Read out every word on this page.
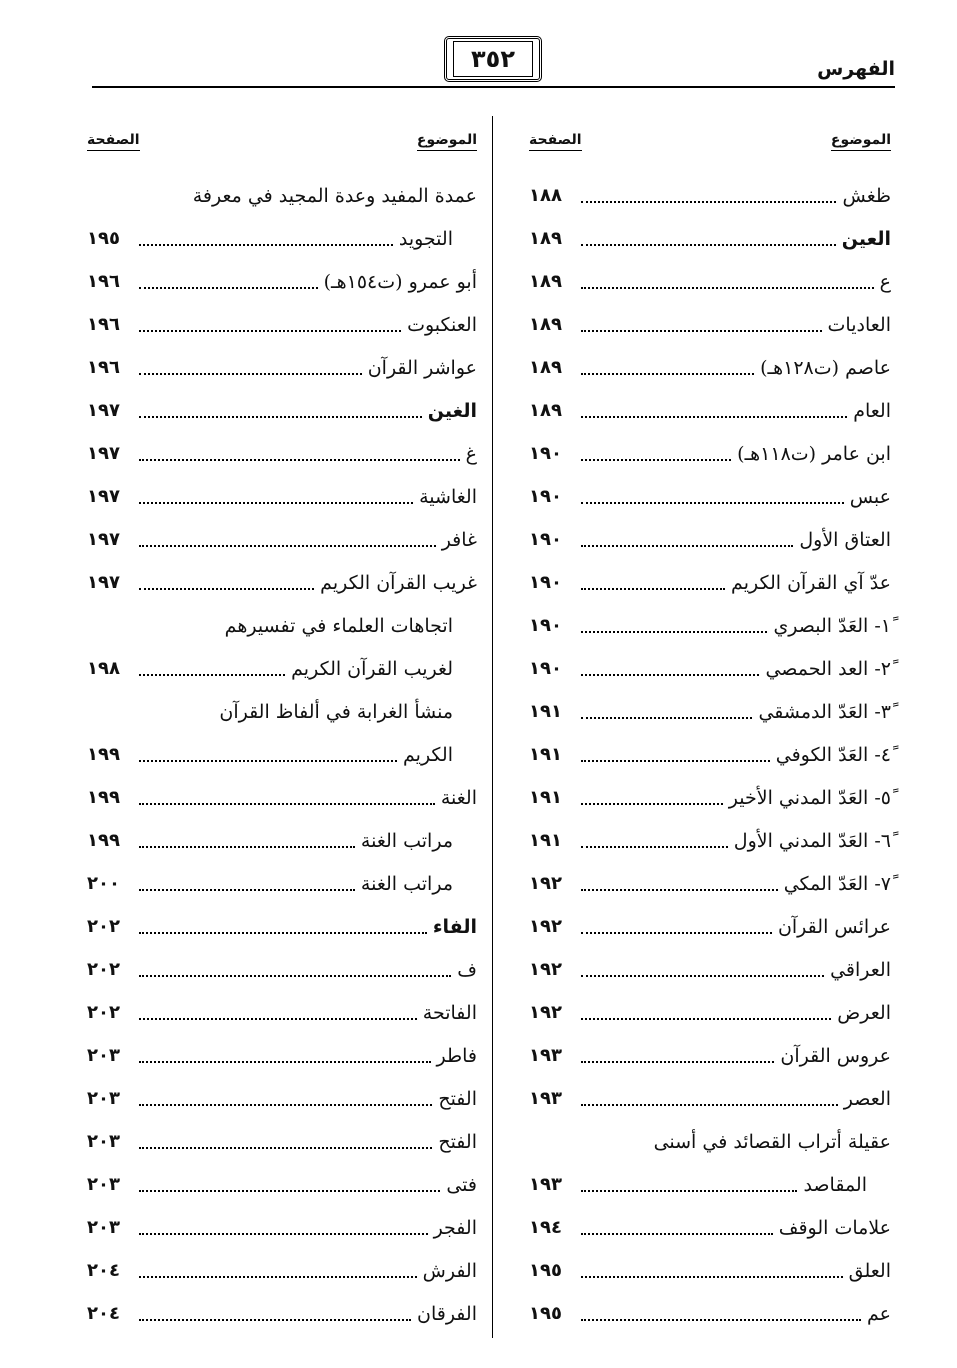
الفهرس
٣٥٢
الموضوع
الصفحة
ظغش
١٨٨
العين
١٨٩
ع
١٨٩
العاديات
١٨٩
عاصم (ت١٢٨هـ)
١٨٩
العام
١٨٩
ابن عامر (ت١١٨هـ)
١٩٠
عبس
١٩٠
العتاق الأول
١٩٠
عدّ آي القرآن الكريم
١٩٠
١ً- العَدّ البصري
١٩٠
٢ً- العد الحمصي
١٩٠
٣ً- العَدّ الدمشقي
١٩١
٤ً- العَدّ الكوفي
١٩١
٥ً- العَدّ المدني الأخير
١٩١
٦ً- العَدّ المدني الأول
١٩١
٧ً- العَدّ المكي
١٩٢
عرائس القرآن
١٩٢
العراقي
١٩٢
العرض
١٩٢
عروس القرآن
١٩٣
العصر
١٩٣
عقيلة أتراب القصائد في أسنى
المقاصد
١٩٣
علامات الوقف
١٩٤
العلق
١٩٥
عم
١٩٥
الموضوع
الصفحة
عمدة المفيد وعدة المجيد في معرفة
التجويد
١٩٥
أبو عمرو (ت١٥٤هـ)
١٩٦
العنكبوت
١٩٦
عواشر القرآن
١٩٦
الغين
١٩٧
غ
١٩٧
الغاشية
١٩٧
غافر
١٩٧
غريب القرآن الكريم
١٩٧
اتجاهات العلماء في تفسيرهم
لغريب القرآن الكريم
١٩٨
منشأ الغرابة في ألفاظ القرآن
الكريم
١٩٩
الغنة
١٩٩
مراتب الغنة
١٩٩
مراتب الغنة
٢٠٠
الفاء
٢٠٢
ف
٢٠٢
الفاتحة
٢٠٢
فاطر
٢٠٣
الفتح
٢٠٣
الفتح
٢٠٣
فتى
٢٠٣
الفجر
٢٠٣
الفرش
٢٠٤
الفرقان
٢٠٤
